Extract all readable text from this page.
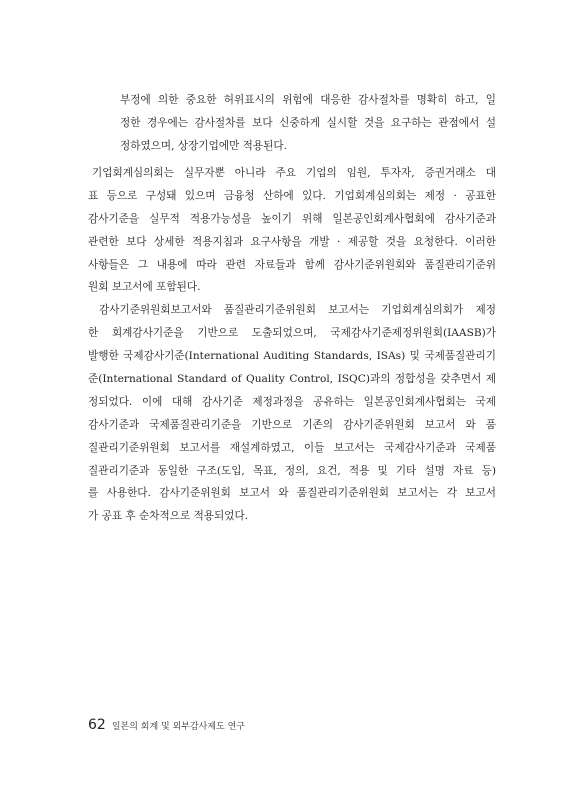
부정에 의한 중요한 허위표시의 위험에 대응한 감사절차를 명확히 하고, 일
정한 경우에는 감사절차를 보다 신중하게 실시할 것을 요구하는 관점에서 설
정하였으며, 상장기업에만 적용된다.
기업회계심의회는 실무자뿐 아니라 주요 기업의 임원, 투자자, 증권거래소 대
표 등으로 구성돼 있으며 금융청 산하에 있다. 기업회계심의회는 제정 · 공표한
감사기준을 실무적 적용가능성을 높이기 위해 일본공인회계사협회에 감사기준과
관련한 보다 상세한 적용지침과 요구사항을 개발 · 제공할 것을 요청한다. 이러한
사항들은 그 내용에 따라 관련 자료들과 함께 감사기준위원회와 품질관리기준위
원회 보고서에 포함된다.
감사기준위원회보고서와 품질관리기준위원회 보고서는 기업회계심의회가 제정
한 회계감사기준을 기반으로 도출되었으며, 국제감사기준제정위원회(IAASB)가
발행한 국제감사기준(International Auditing Standards, ISAs) 및 국제품질관리기
준(International Standard of Quality Control, ISQC)과의 정합성을 갖추면서 제
정되었다. 이에 대해 감사기준 제정과정을 공유하는 일본공인회계사협회는 국제
감사기준과 국제품질관리기준을 기반으로 기존의 감사기준위원회 보고서 와 품
질관리기준위원회 보고서를 재설계하였고, 이들 보고서는 국제감사기준과 국제품
질관리기준과 동일한 구조(도입, 목표, 정의, 요건, 적용 및 기타 설명 자료 등)
를 사용한다. 감사기준위원회 보고서 와 품질관리기준위원회 보고서는 각 보고서
가 공표 후 순차적으로 적용되었다.
62 일본의 회계 및 외부감사제도 연구
